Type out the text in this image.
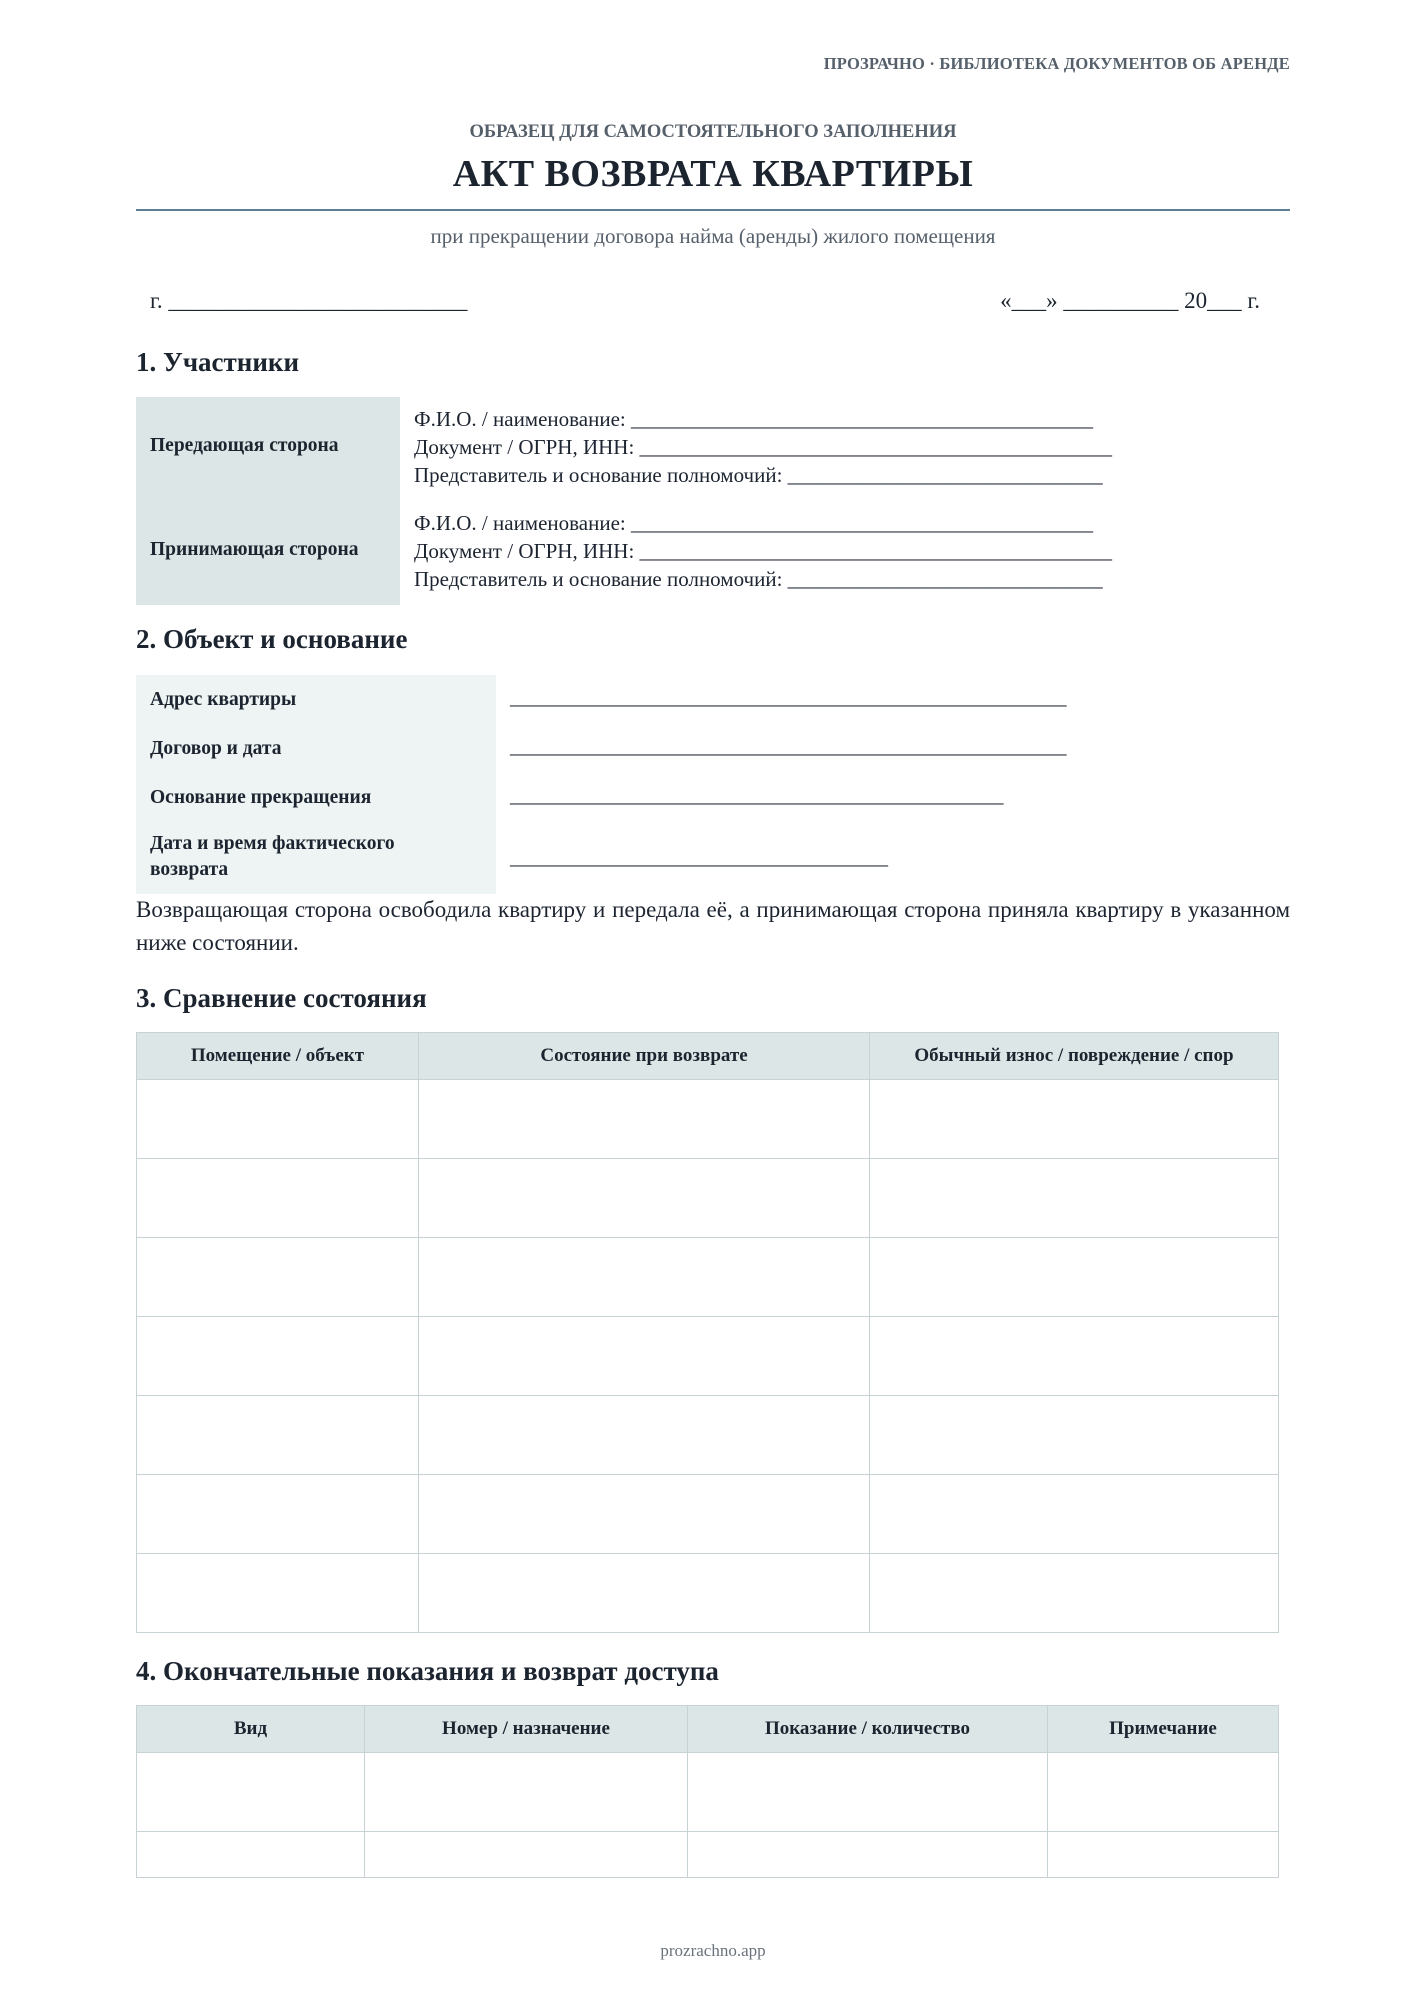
ПРОЗРАЧНО · БИБЛИОТЕКА ДОКУМЕНТОВ ОБ АРЕНДЕ
ОБРАЗЕЦ ДЛЯ САМОСТОЯТЕЛЬНОГО ЗАПОЛНЕНИЯ
АКТ ВОЗВРАТА КВАРТИРЫ
при прекращении договора найма (аренды) жилого помещения
г. __________________________	«___» __________ 20___ г.
1. Участники
Передающая сторона
Ф.И.О. / наименование: ____________________________________________
Документ / ОГРН, ИНН: _____________________________________________
Представитель и основание полномочий: ______________________________
Принимающая сторона
Ф.И.О. / наименование: ____________________________________________
Документ / ОГРН, ИНН: _____________________________________________
Представитель и основание полномочий: ______________________________
2. Объект и основание
Адрес квартиры	_____________________________________________________
Договор и дата	_____________________________________________________
Основание прекращения	_______________________________________________
Дата и время фактического возврата
____________________________________
Возвращающая сторона освободила квартиру и передала её, а принимающая сторона приняла квартиру в указанном ниже состоянии.
3. Сравнение состояния
Помещение / объект	Состояние при возврате	Обычный износ / повреждение / спор

4. Окончательные показания и возврат доступа
Вид	Номер / назначение	Показание / количество	Примечание

prozrachno.app
